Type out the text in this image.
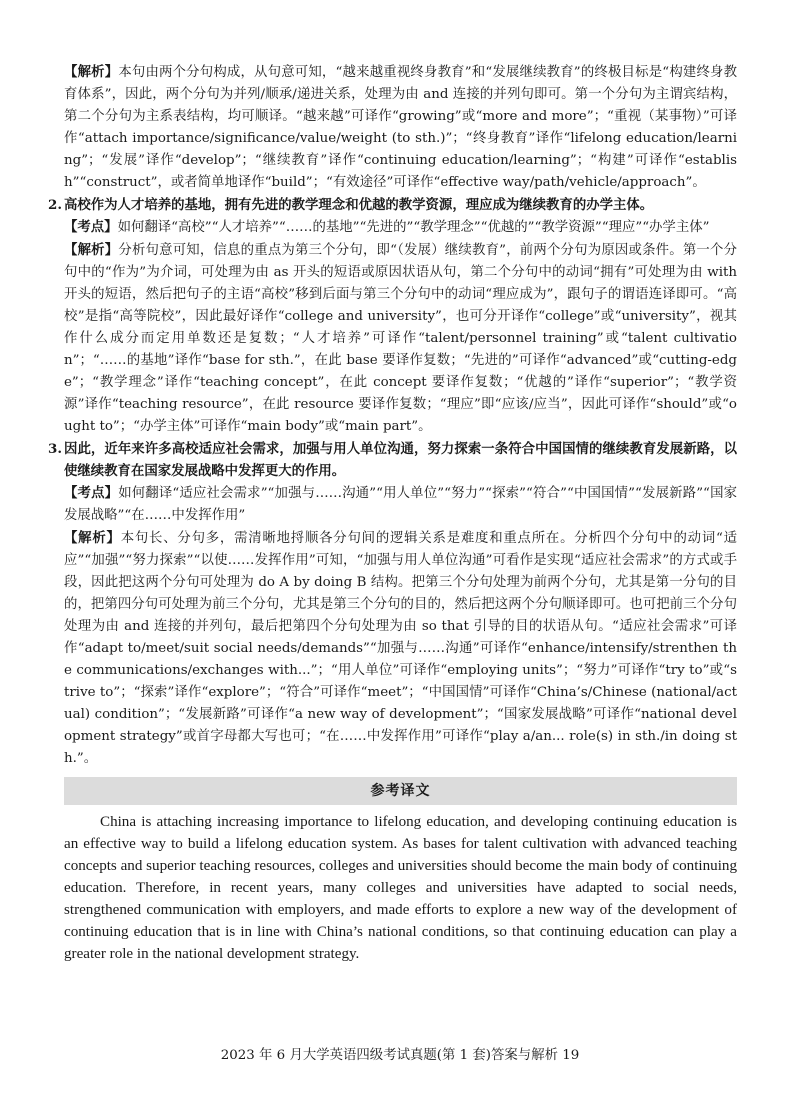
【解析】本句由两个分句构成，从句意可知，“越来越重视终身教育”和“发展继续教育”的终极目标是“构建终身教育体系”，因此，两个分句为并列/顺承/递进关系，处理为由 and 连接的并列句即可。第一个分句为主谓宾结构，第二个分句为主系表结构，均可顺译。“越来越”可译作“growing”或“more and more”；“重视（某事物）”可译作“attach importance/significance/value/weight (to sth.)”；“终身教育”译作“lifelong education/learning”；“发展”译作“develop”；“继续教育”译作“continuing education/learning”；“构建”可译作“establish”“construct”，或者简单地译作“build”；“有效途径”可译作“effective way/path/vehicle/approach”。

2. 高校作为人才培养的基地，拥有先进的教学理念和优越的教学资源，理应成为继续教育的办学主体。

【考点】如何翻译“高校”“人才培养”“……的基地”“先进的”“教学理念”“优越的”“教学资源”“理应”“办学主体”

【解析】分析句意可知，信息的重点为第三个分句，即“（发展）继续教育”，前两个分句为原因或条件。第一个分句中的“作为”为介词，可处理为由 as 开头的短语或原因状语从句，第二个分句中的动词“拥有”可处理为由 with 开头的短语，然后把句子的主语“高校”移到后面与第三个分句中的动词“理应成为”，跟句子的谓语连译即可。“高校”是指“高等院校”，因此最好译作“college and university”，也可分开译作“college”或“university”，视其作什么成分而定用单数还是复数；“人才培养”可译作“talent/personnel training”或“talent cultivation”；“……的基地”译作“base for sth.”，在此 base 要译作复数；“先进的”可译作“advanced”或“cutting-edge”；“教学理念”译作“teaching concept”，在此 concept 要译作复数；“优越的”译作“superior”；“教学资源”译作“teaching resource”，在此 resource 要译作复数；“理应”即“应该/应当”，因此可译作“should”或“ought to”；“办学主体”可译作“main body”或“main part”。

3. 因此，近年来许多高校适应社会需求，加强与用人单位沟通，努力探索一条符合中国国情的继续教育发展新路，以使继续教育在国家发展战略中发挥更大的作用。

【考点】如何翻译“适应社会需求”“加强与……沟通”“用人单位”“努力”“探索”“符合”“中国国情”“发展新路”“国家发展战略”“在……中发挥作用”

【解析】本句长、分句多，需清晰地捋顺各分句间的逻辑关系是难度和重点所在。分析四个分句中的动词“适应”“加强”“努力探索”“以使……发挥作用”可知，“加强与用人单位沟通”可看作是实现“适应社会需求”的方式或手段，因此把这两个分句可处理为 do A by doing B 结构。把第三个分句处理为前两个分句，尤其是第一分句的目的，把第四分句可处理为前三个分句，尤其是第三个分句的目的，然后把这两个分句顺译即可。也可把前三个分句处理为由 and 连接的并列句，最后把第四个分句处理为由 so that 引导的目的状语从句。“适应社会需求”可译作“adapt to/meet/suit social needs/demands”“加强与……沟通”可译作“enhance/intensify/strenthen the communications/exchanges with...”；“用人单位”可译作“employing units”；“努力”可译作“try to”或“strive to”；“探索”译作“explore”；“符合”可译作“meet”；“中国国情”可译作“China’s/Chinese (national/actual) condition”；“发展新路”可译作“a new way of development”；“国家发展战略”可译作“national development strategy”或首字母都大写也可；“在……中发挥作用”可译作“play a/an... role(s) in sth./in doing sth.”。

参考译文

China is attaching increasing importance to lifelong education, and developing continuing education is an effective way to build a lifelong education system. As bases for talent cultivation with advanced teaching concepts and superior teaching resources, colleges and universities should become the main body of continuing education. Therefore, in recent years, many colleges and universities have adapted to social needs, strengthened communication with employers, and made efforts to explore a new way of the development of continuing education that is in line with China’s national conditions, so that continuing education can play a greater role in the national development strategy.

2023 年 6 月大学英语四级考试真题(第 1 套)答案与解析 19
